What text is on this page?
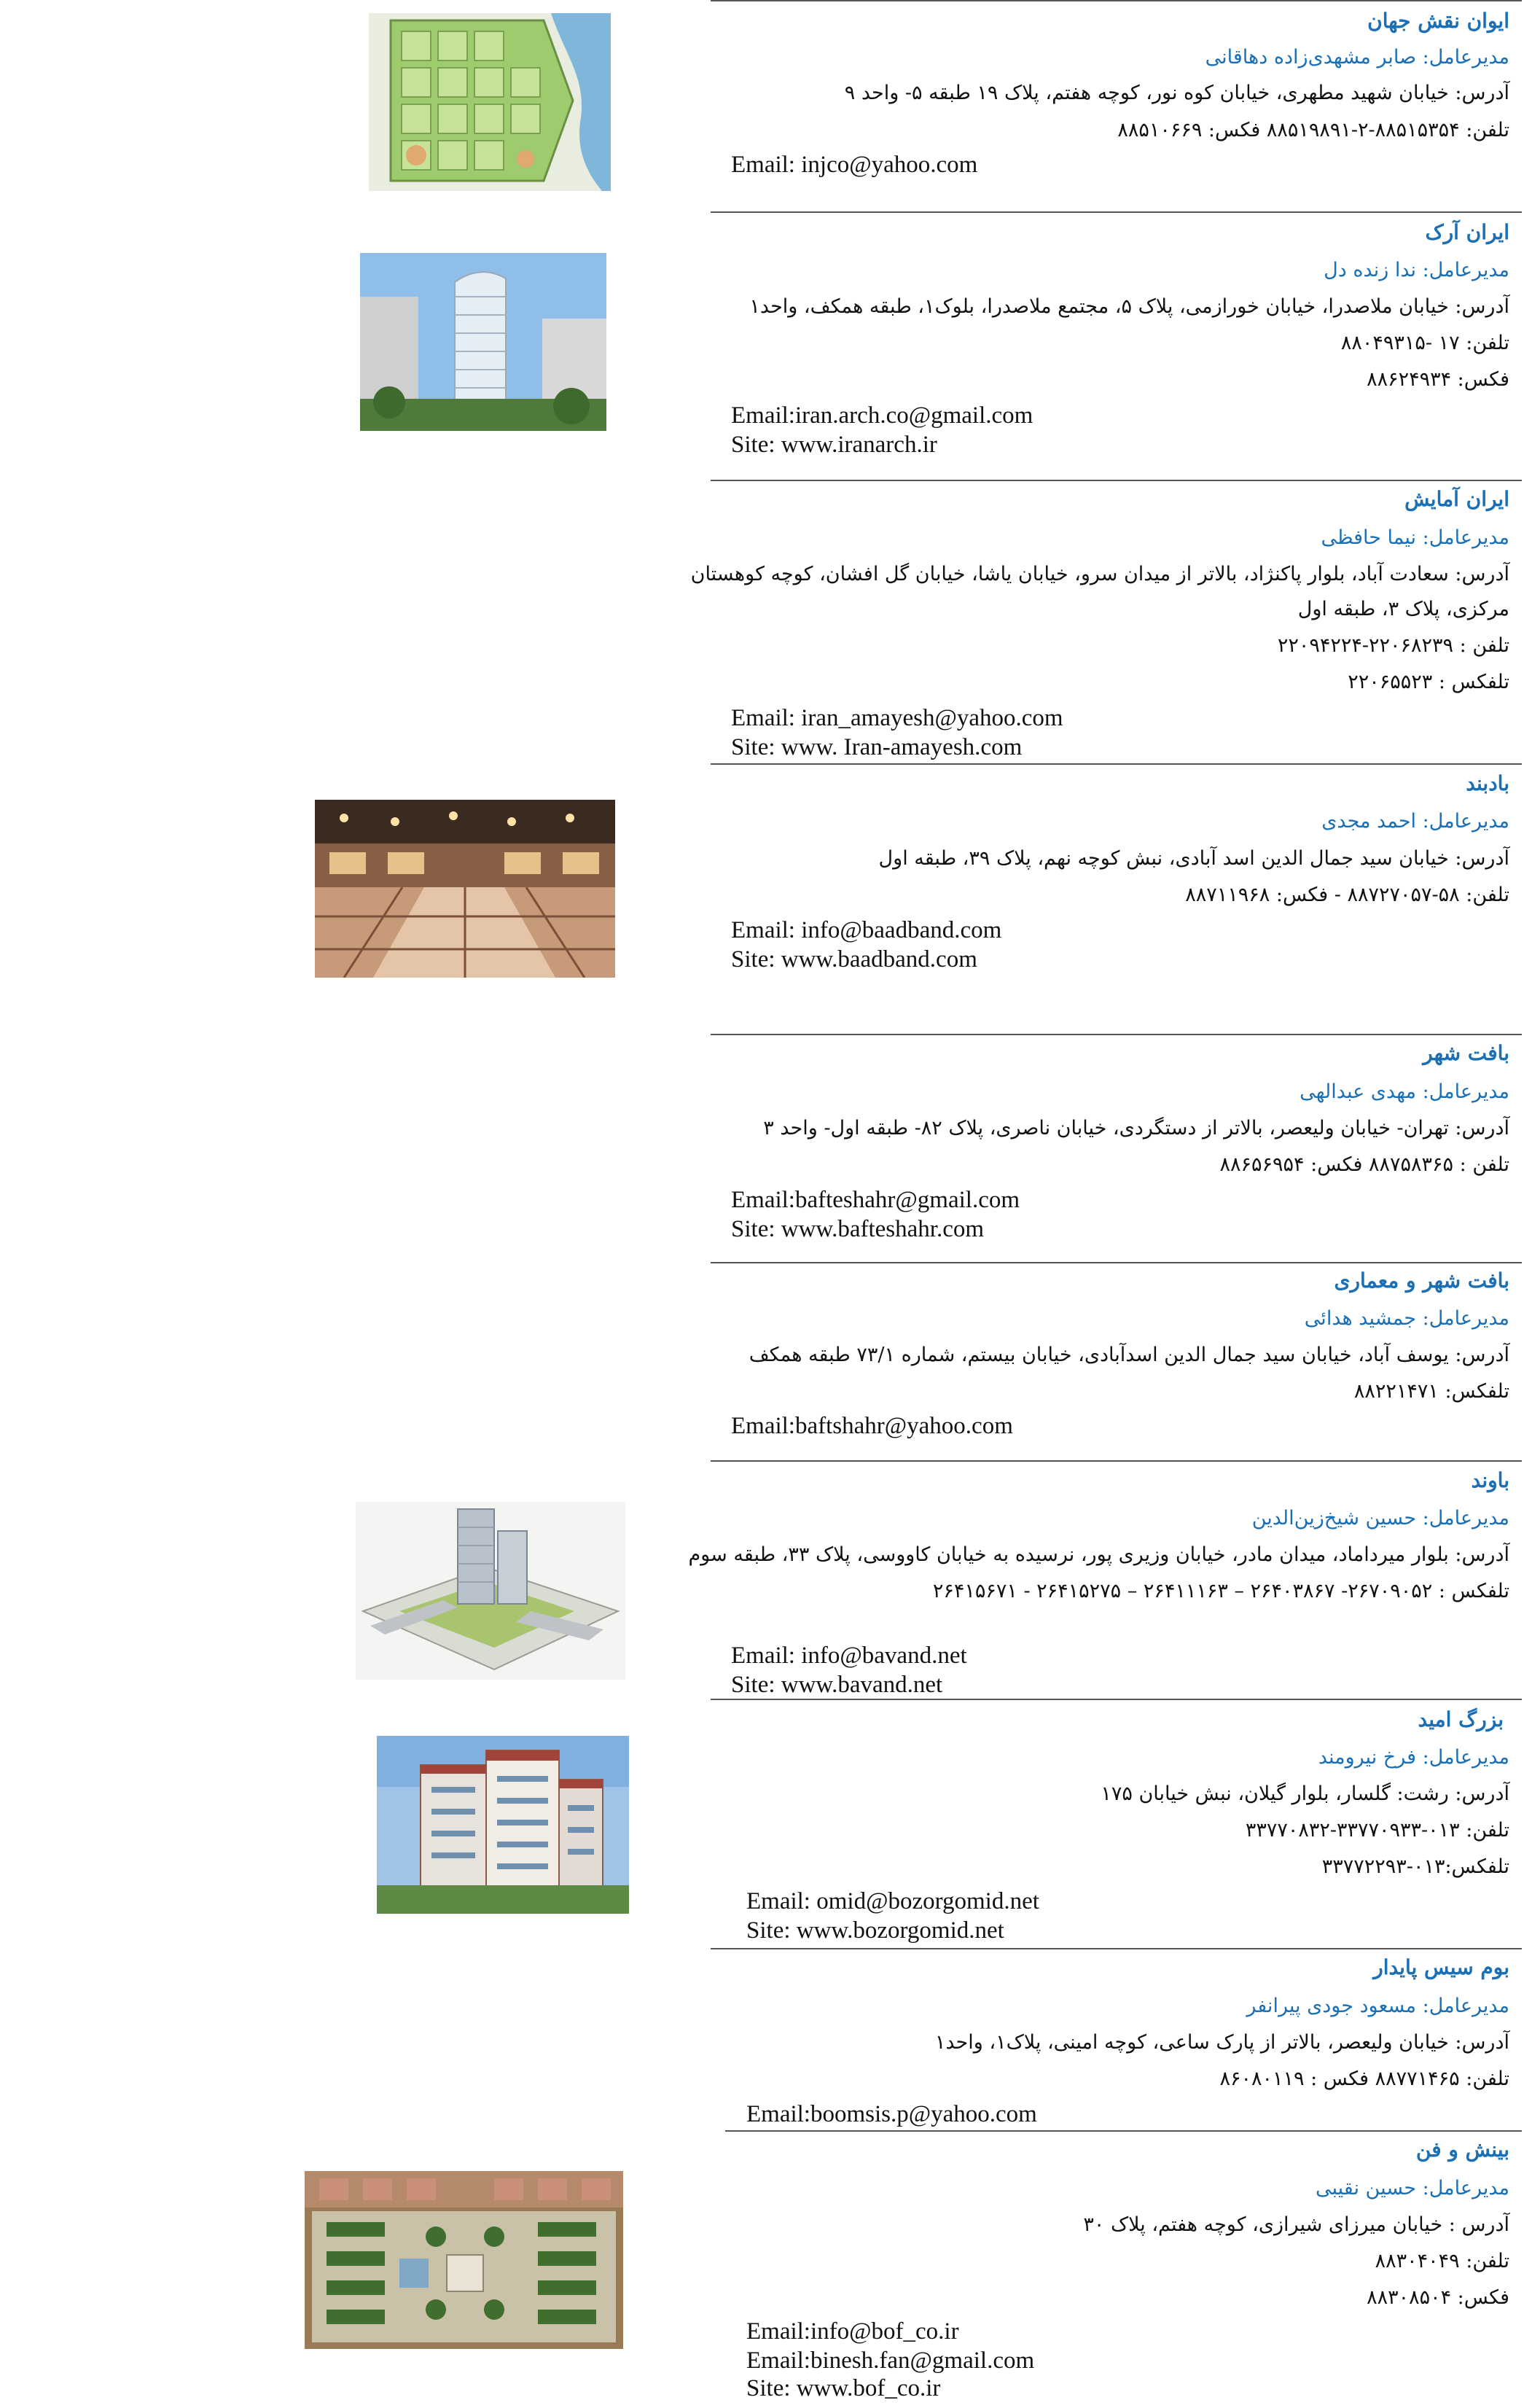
ایوان نقش جهان
مدیرعامل: صابر مشهدی‌زاده دهاقانی
آدرس: خیابان شهید مطهری، خیابان کوه نور، کوچه هفتم، پلاک ۱۹ طبقه ۵- واحد ۹
تلفن: ۸۸۵۱۵۳۵۴-۲-۸۸۵۱۹۸۹۱ فکس: ۸۸۵۱۰۶۶۹
Email: injco@yahoo.com
ایران آرک
مدیرعامل: ندا زنده دل
آدرس: خیابان ملاصدرا، خیابان خورازمی، پلاک ۵، مجتمع ملاصدرا، بلوک۱، طبقه همکف، واحد۱
تلفن: ۱۷ -۸۸۰۴۹۳۱۵
فکس: ۸۸۶۲۴۹۳۴
Email:iran.arch.co@gmail.com
Site: www.iranarch.ir
ایران آمایش
مدیرعامل: نیما حافظی
آدرس: سعادت آباد، بلوار پاکنژاد، بالاتر از میدان سرو، خیابان یاشا، خیابان گل افشان، کوچه کوهستان
مرکزی، پلاک ۳، طبقه اول
تلفن : ۲۲۰۶۸۲۳۹-۲۲۰۹۴۲۲۴
تلفکس : ۲۲۰۶۵۵۲۳
Email: iran_amayesh@yahoo.com
Site: www. Iran-amayesh.com
بادبند
مدیرعامل: احمد مجدی
آدرس: خیابان سید جمال الدین اسد آبادی، نبش کوچه نهم، پلاک ۳۹، طبقه اول
تلفن: ۵۸-۸۸۷۲۷۰۵۷ - فکس: ۸۸۷۱۱۹۶۸
Email: info@baadband.com
Site: www.baadband.com
بافت شهر
مدیرعامل: مهدی عبدالهی
آدرس: تهران- خیابان ولیعصر، بالاتر از دستگردی، خیابان ناصری، پلاک ۸۲- طبقه اول- واحد ۳
تلفن : ۸۸۷۵۸۳۶۵ فکس: ۸۸۶۵۶۹۵۴
Email:bafteshahr@gmail.com
Site: www.bafteshahr.com
بافت شهر و معماری
مدیرعامل: جمشید هدائی
آدرس: یوسف آباد، خیابان سید جمال الدین اسدآبادی، خیابان بیستم، شماره ۷۳/۱ طبقه همکف
تلفکس: ۸۸۲۲۱۴۷۱
Email:baftshahr@yahoo.com
باوند
مدیرعامل: حسین شیخ‌زین‌الدین
آدرس: بلوار میرداماد، میدان مادر، خیابان وزیری پور، نرسیده به خیابان کاووسی، پلاک ۳۳، طبقه سوم
تلفکس : ۲۶۷۰۹۰۵۲- ۲۶۴۰۳۸۶۷ – ۲۶۴۱۱۱۶۳ – ۲۶۴۱۵۲۷۵ - ۲۶۴۱۵۶۷۱
Email: info@bavand.net
Site: www.bavand.net
بزرگ امید
مدیرعامل: فرخ نیرومند
آدرس: رشت: گلسار، بلوار گیلان، نبش خیابان ۱۷۵
تلفن: ۰۱۳-۳۳۷۷۰۹۳۳-۳۳۷۷۰۸۳۲
تلفکس:۰۱۳-۳۳۷۷۲۲۹۳
Email: omid@bozorgomid.net
Site: www.bozorgomid.net
بوم سیس پایدار
مدیرعامل: مسعود جودی پیرانفر
آدرس: خیابان ولیعصر، بالاتر از پارک ساعی، کوچه امینی، پلاک۱، واحد۱
تلفن: ۸۸۷۷۱۴۶۵ فکس : ۸۶۰۸۰۱۱۹
Email:boomsis.p@yahoo.com
بینش و فن
مدیرعامل: حسین نقیبی
آدرس : خیابان میرزای شیرازی، کوچه هفتم، پلاک ۳۰
تلفن: ۸۸۳۰۴۰۴۹
فکس: ۸۸۳۰۸۵۰۴
Email:info@bof_co.ir
Email:binesh.fan@gmail.com
Site: www.bof_co.ir
